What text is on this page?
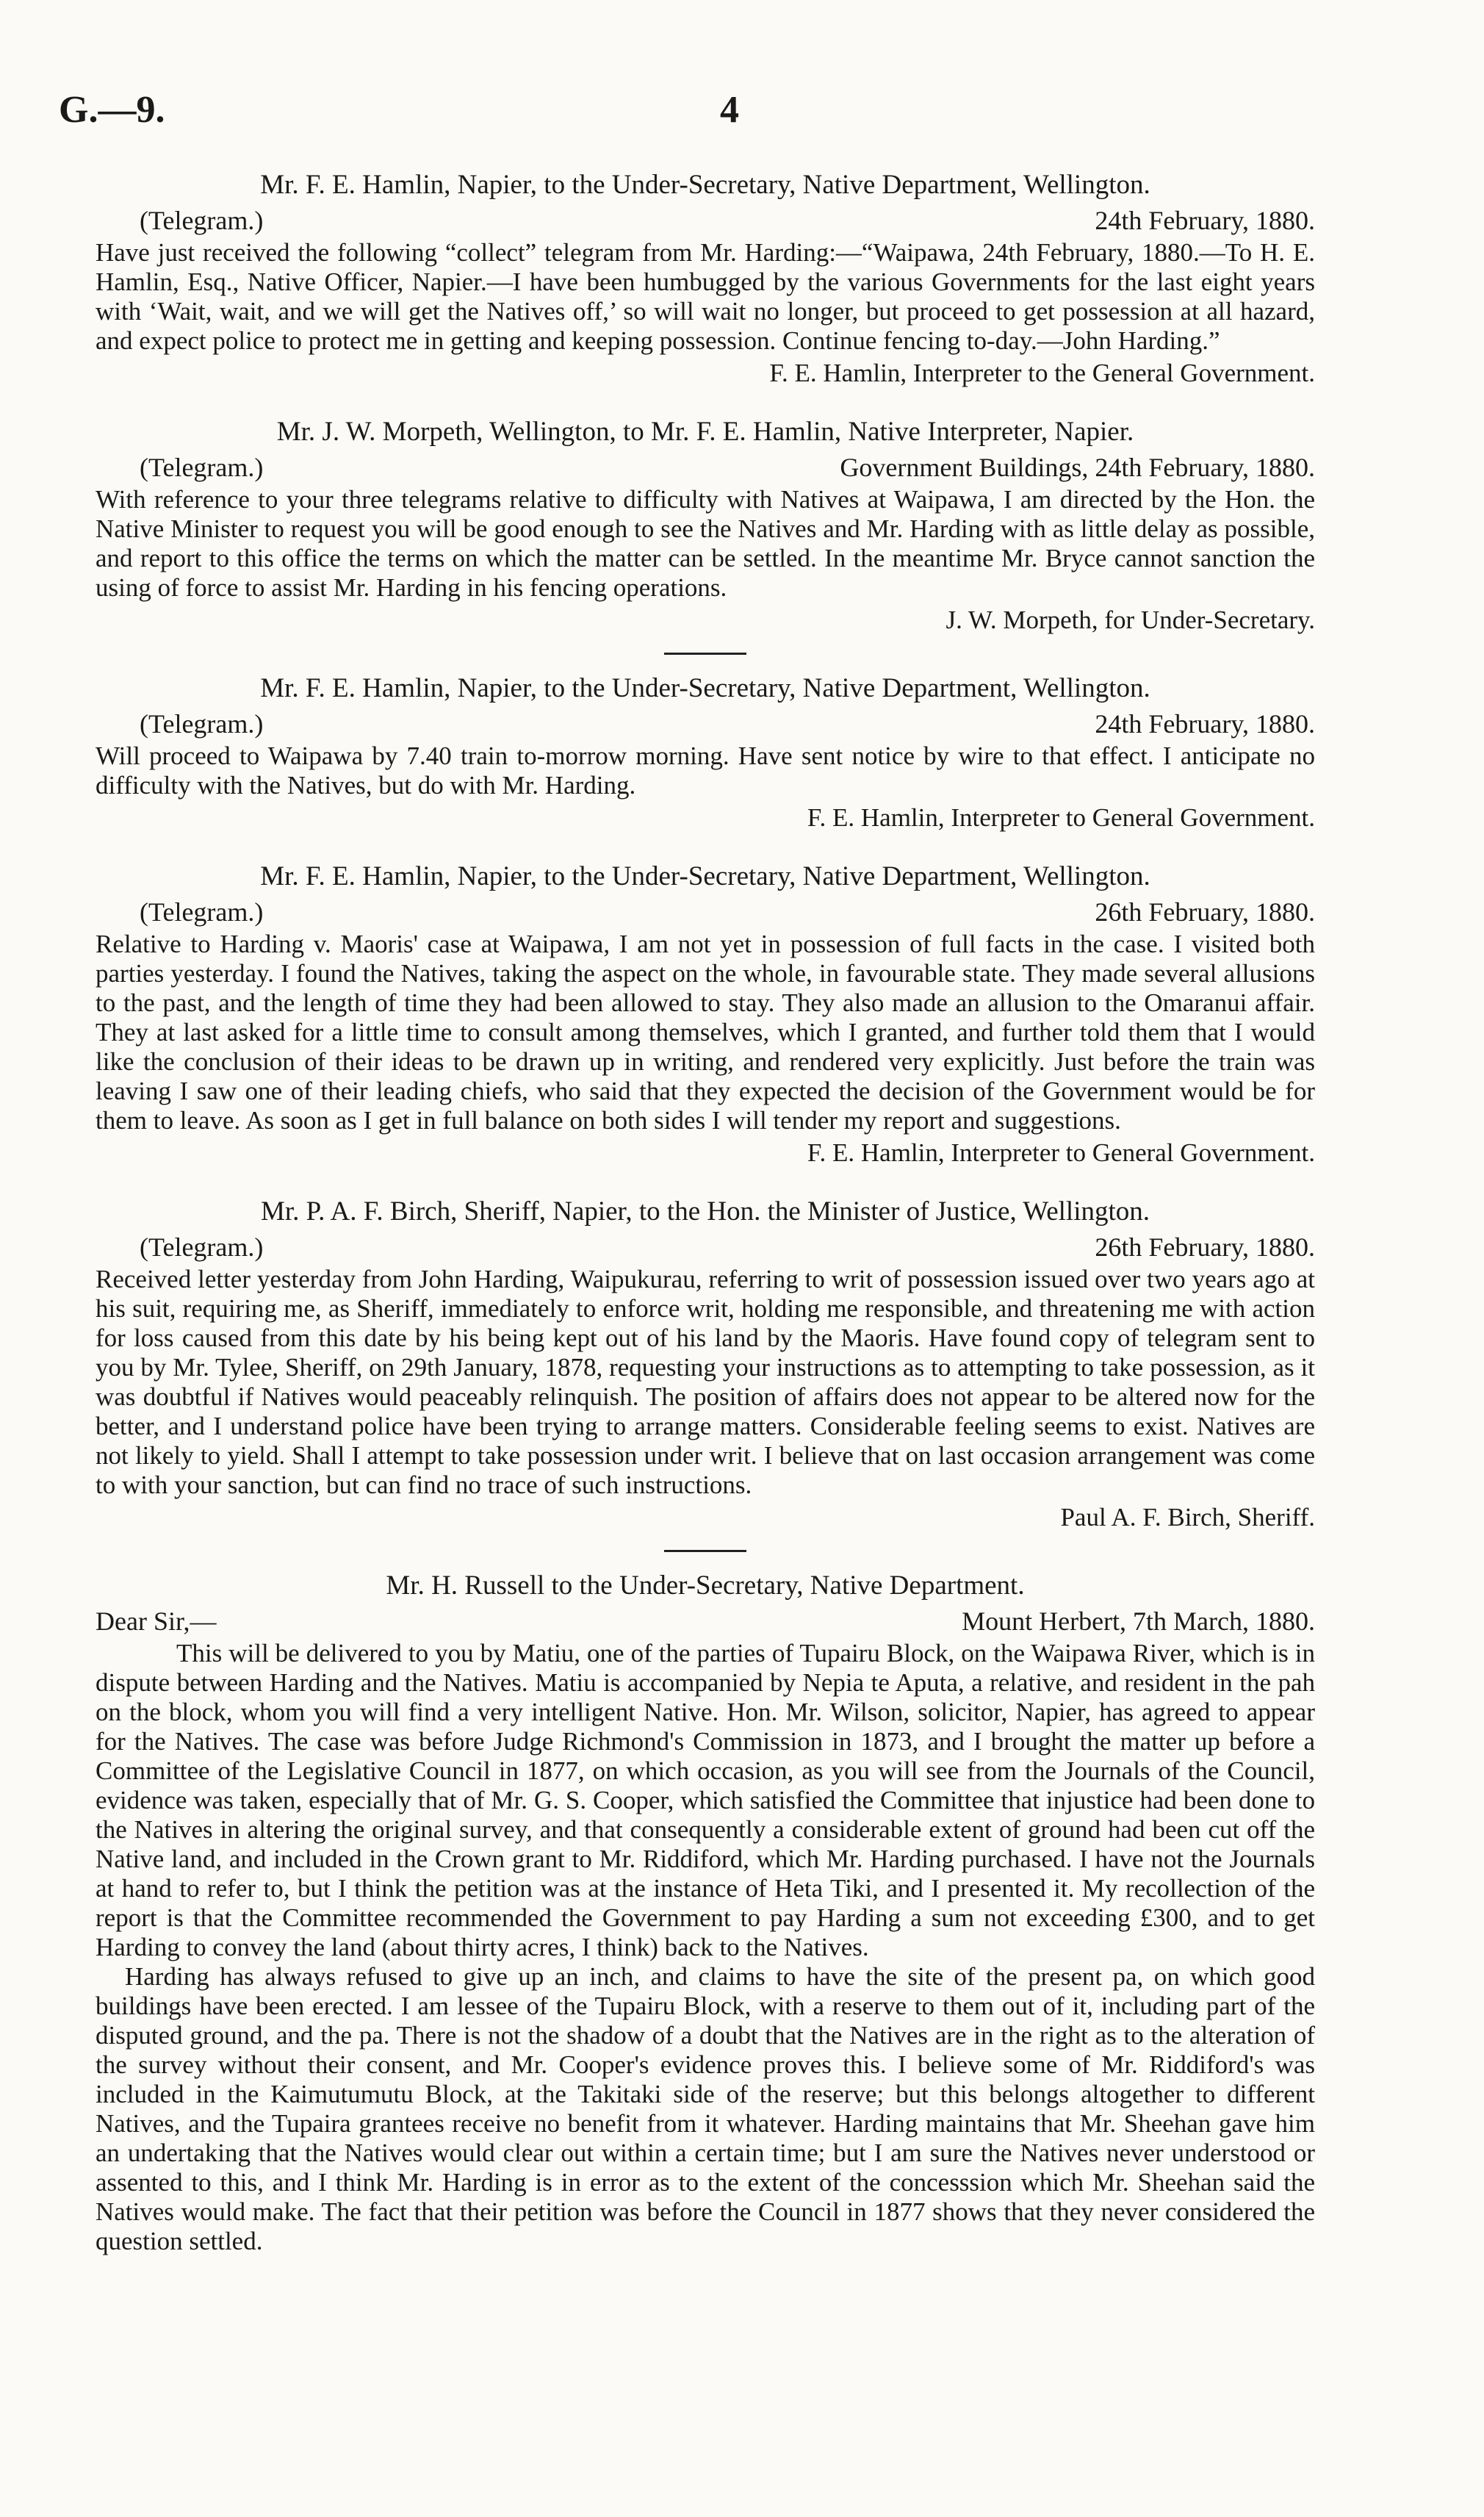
G.—9.	4
Mr. F. E. Hamlin, Napier, to the Under-Secretary, Native Department, Wellington.
(Telegram.)	24th February, 1880.

Have just received the following “collect” telegram from Mr. Harding:—“Waipawa, 24th February, 1880.—To H. E. Hamlin, Esq., Native Officer, Napier.—I have been humbugged by the various Governments for the last eight years with ‘Wait, wait, and we will get the Natives off,’ so will wait no longer, but proceed to get possession at all hazard, and expect police to protect me in getting and keeping possession. Continue fencing to-day.—John Harding.”

F. E. Hamlin, Interpreter to the General Government.
Mr. J. W. Morpeth, Wellington, to Mr. F. E. Hamlin, Native Interpreter, Napier.
(Telegram.)	Government Buildings, 24th February, 1880.

With reference to your three telegrams relative to difficulty with Natives at Waipawa, I am directed by the Hon. the Native Minister to request you will be good enough to see the Natives and Mr. Harding with as little delay as possible, and report to this office the terms on which the matter can be settled. In the meantime Mr. Bryce cannot sanction the using of force to assist Mr. Harding in his fencing operations.

J. W. Morpeth, for Under-Secretary.
Mr. F. E. Hamlin, Napier, to the Under-Secretary, Native Department, Wellington.
(Telegram.)	24th February, 1880.

Will proceed to Waipawa by 7.40 train to-morrow morning. Have sent notice by wire to that effect. I anticipate no difficulty with the Natives, but do with Mr. Harding.

F. E. Hamlin, Interpreter to General Government.
Mr. F. E. Hamlin, Napier, to the Under-Secretary, Native Department, Wellington.
(Telegram.)	26th February, 1880.

Relative to Harding v. Maoris' case at Waipawa, I am not yet in possession of full facts in the case. I visited both parties yesterday. I found the Natives, taking the aspect on the whole, in favourable state. They made several allusions to the past, and the length of time they had been allowed to stay. They also made an allusion to the Omaranui affair. They at last asked for a little time to consult among themselves, which I granted, and further told them that I would like the conclusion of their ideas to be drawn up in writing, and rendered very explicitly. Just before the train was leaving I saw one of their leading chiefs, who said that they expected the decision of the Government would be for them to leave. As soon as I get in full balance on both sides I will tender my report and suggestions.

F. E. Hamlin, Interpreter to General Government.
Mr. P. A. F. Birch, Sheriff, Napier, to the Hon. the Minister of Justice, Wellington.
(Telegram.)	26th February, 1880.

Received letter yesterday from John Harding, Waipukurau, referring to writ of possession issued over two years ago at his suit, requiring me, as Sheriff, immediately to enforce writ, holding me responsible, and threatening me with action for loss caused from this date by his being kept out of his land by the Maoris. Have found copy of telegram sent to you by Mr. Tylee, Sheriff, on 29th January, 1878, requesting your instructions as to attempting to take possession, as it was doubtful if Natives would peaceably relinquish. The position of affairs does not appear to be altered now for the better, and I understand police have been trying to arrange matters. Considerable feeling seems to exist. Natives are not likely to yield. Shall I attempt to take possession under writ. I believe that on last occasion arrangement was come to with your sanction, but can find no trace of such instructions.

Paul A. F. Birch, Sheriff.
Mr. H. Russell to the Under-Secretary, Native Department.
Dear Sir,—	Mount Herbert, 7th March, 1880.

This will be delivered to you by Matiu, one of the parties of Tupairu Block, on the Waipawa River, which is in dispute between Harding and the Natives. Matiu is accompanied by Nepia te Aputa, a relative, and resident in the pah on the block, whom you will find a very intelligent Native. Hon. Mr. Wilson, solicitor, Napier, has agreed to appear for the Natives. The case was before Judge Richmond's Commission in 1873, and I brought the matter up before a Committee of the Legislative Council in 1877, on which occasion, as you will see from the Journals of the Council, evidence was taken, especially that of Mr. G. S. Cooper, which satisfied the Committee that injustice had been done to the Natives in altering the original survey, and that consequently a considerable extent of ground had been cut off the Native land, and included in the Crown grant to Mr. Riddiford, which Mr. Harding purchased. I have not the Journals at hand to refer to, but I think the petition was at the instance of Heta Tiki, and I presented it. My recollection of the report is that the Committee recommended the Government to pay Harding a sum not exceeding £300, and to get Harding to convey the land (about thirty acres, I think) back to the Natives.

Harding has always refused to give up an inch, and claims to have the site of the present pa, on which good buildings have been erected. I am lessee of the Tupairu Block, with a reserve to them out of it, including part of the disputed ground, and the pa. There is not the shadow of a doubt that the Natives are in the right as to the alteration of the survey without their consent, and Mr. Cooper's evidence proves this. I believe some of Mr. Riddiford's was included in the Kaimutumutu Block, at the Takitaki side of the reserve; but this belongs altogether to different Natives, and the Tupaira grantees receive no benefit from it whatever. Harding maintains that Mr. Sheehan gave him an undertaking that the Natives would clear out within a certain time; but I am sure the Natives never understood or assented to this, and I think Mr. Harding is in error as to the extent of the concesssion which Mr. Sheehan said the Natives would make. The fact that their petition was before the Council in 1877 shows that they never considered the question settled.
